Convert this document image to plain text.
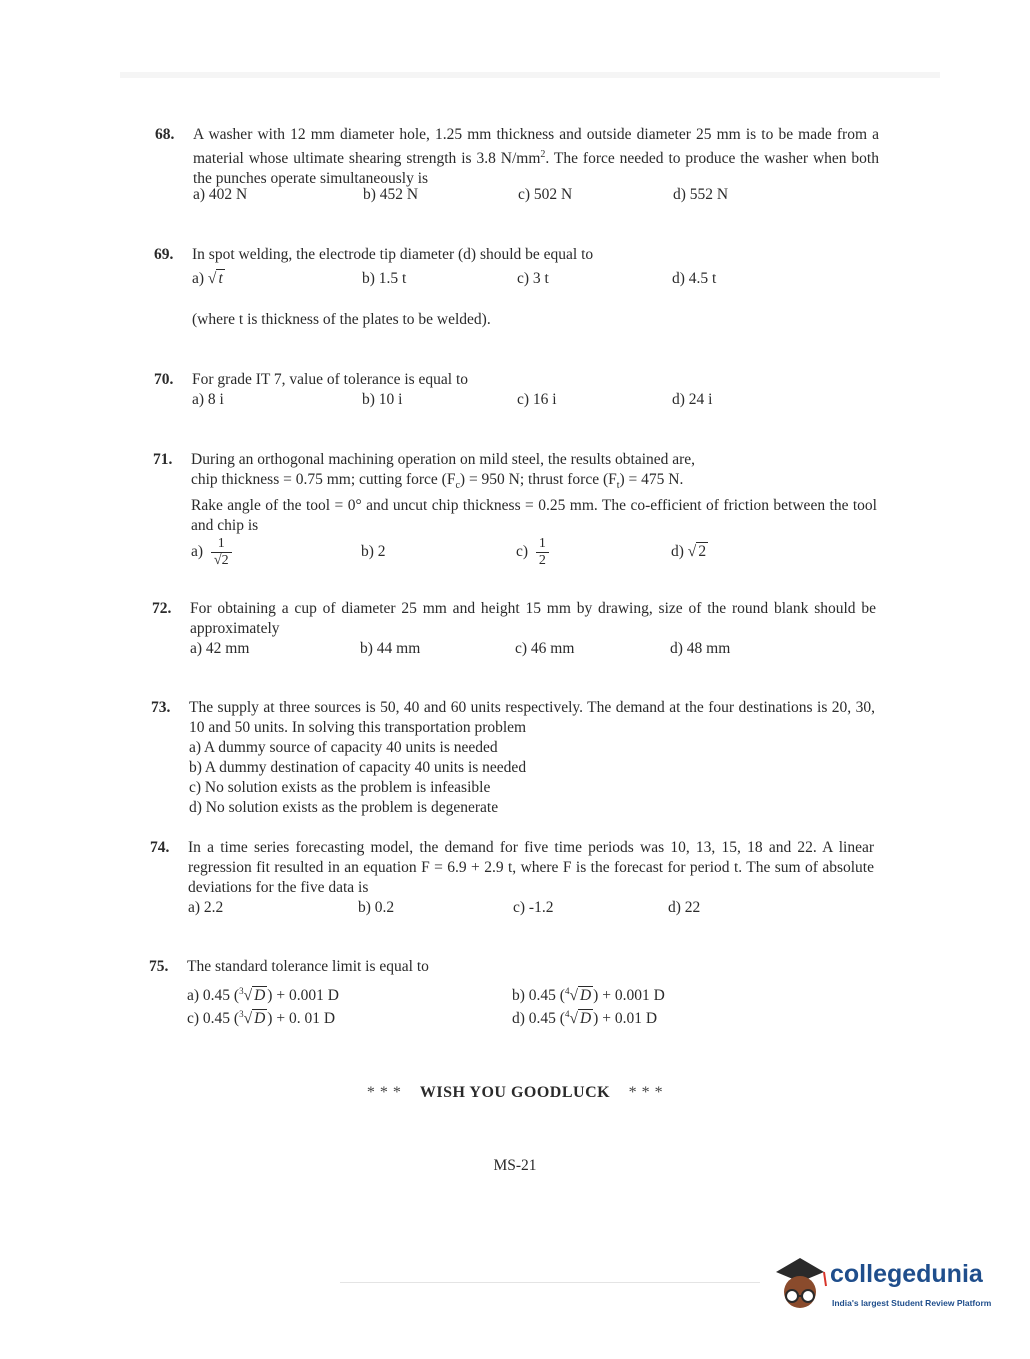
68. A washer with 12 mm diameter hole, 1.25 mm thickness and outside diameter 25 mm is to be made from a material whose ultimate shearing strength is 3.8 $N/mm^2$. The force needed to produce the washer when both the punches operate simultaneously is
a) 402 N	b) 452 N	c) 502 N	d) 552 N
69. In spot welding, the electrode tip diameter (d) should be equal to
a) √ t	b) 1.5 t	c) 3 t	d) 4.5 t
(where t is thickness of the plates to be welded).
70. For grade IT 7, value of tolerance is equal to
a) 8 i	b) 10 i	c) 16 i	d) 24 i
71. During an orthogonal machining operation on mild steel, the results obtained are,
chip thickness = 0.75 mm; cutting force $(F_c) = 950$ N; thrust force $(F_t) = 475$ N.
Rake angle of the tool = 0° and uncut chip thickness = 0.25 mm. The co-efficient of friction between the tool and chip is
$a) \frac{1}{√2}$	b) 2	$c) \frac{1}{2}$	d) √ 2
72. For obtaining a cup of diameter 25 mm and height 15 mm by drawing, size of the round blank should be approximately
a) 42 mm	b) 44 mm	c) 46 mm	d) 48 mm
73. The supply at three sources is 50, 40 and 60 units respectively. The demand at the four destinations is 20, 30, 10 and 50 units. In solving this transportation problem
a) A dummy source of capacity 40 units is needed
b) A dummy destination of capacity 40 units is needed
c) No solution exists as the problem is infeasible
d) No solution exists as the problem is degenerate
74. In a time series forecasting model, the demand for five time periods was 10, 13, 15, 18 and 22. A linear regression fit resulted in an equation F = 6.9 + 2.9 t, where F is the forecast for period t. The sum of absolute deviations for the five data is
a) 2.2	b) 0.2	c) -1.2	d) 22
75. The standard tolerance limit is equal to
a) 0.45 ($^3$√ D ) + 0.001 D	b) 0.45 ($^4$√ D ) + 0.001 D
c) 0.45 ($^3$√ D ) + 0. 01 D	d) 0.45 ($^4$√ D ) + 0.01 D
* * * WISH YOU GOODLUCK * * *
MS-21
collegedunia
India's largest Student Review Platform
